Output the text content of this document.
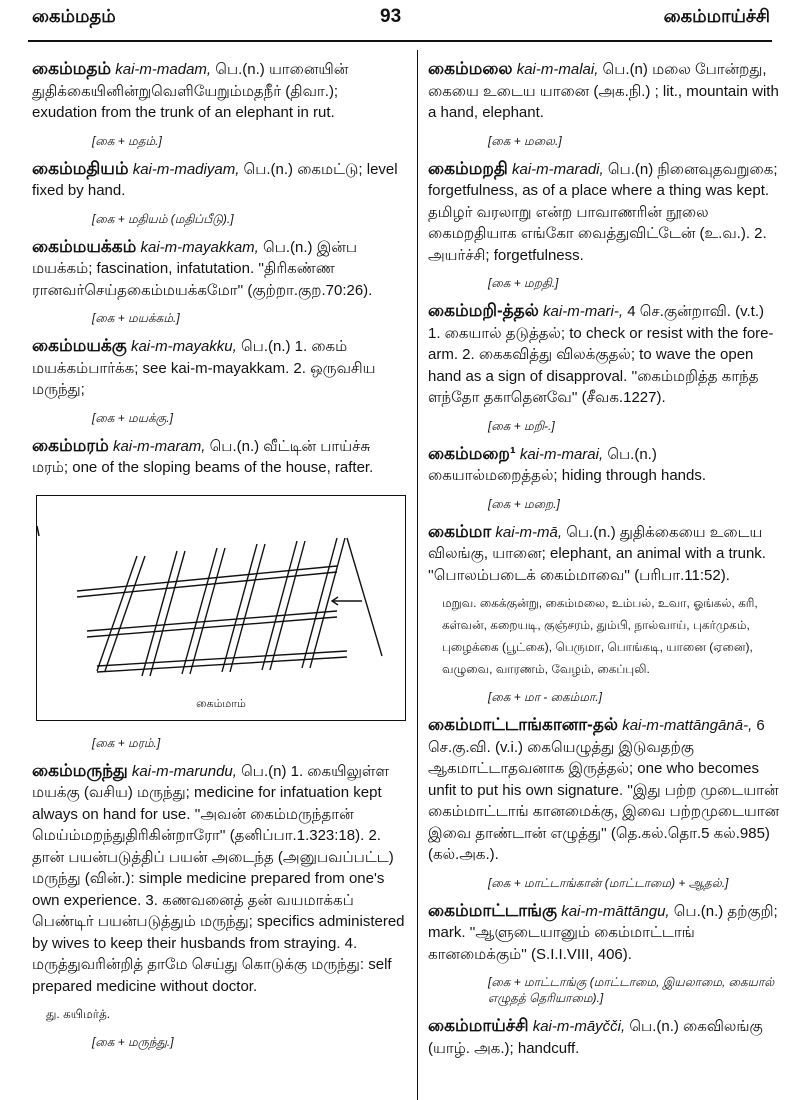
கைம்மதம்	93	கைம்மாய்ச்சி

கைம்மதம் kai-m-madam, பெ.(n.) யானையின் துதிக்கையினின்றுவெளியேறும்மதநீர் (திவா.); exudation from the trunk of an elephant in rut.

[கை + மதம்.]

கைம்மதியம் kai-m-madiyam, பெ.(n.) கைமட்டு; level fixed by hand.

[கை + மதியம் (மதிப்பீடு).]

கைம்மயக்கம் kai-m-mayakkam, பெ.(n.) இன்ப மயக்கம்; fascination, infatutation. ''திரிகண்ண ரானவர்செய்தகைம்மயக்கமோ'' (குற்றா.குற.70:26).

[கை + மயக்கம்.]

கைம்மயக்கு kai-m-mayakku, பெ.(n.) 1. கைம் மயக்கம்பார்க்க; see kai-m-mayakkam. 2. ஒருவசிய மருந்து;

[கை + மயக்கு.]

கைம்மரம் kai-m-maram, பெ.(n.) வீட்டின் பாய்ச்சு மரம்; one of the sloping beams of the house, rafter.

கைம்மாம்
[கை + மரம்.]

கைம்மருந்து kai-m-marundu, பெ.(n) 1. கையிலுள்ள மயக்கு (வசிய) மருந்து; medicine for infatuation kept always on hand for use. ''அவன் கைம்மருந்தான் மெய்ம்மறந்துதிரிகின்றாரோ'' (தனிப்பா.1.323:18). 2. தான் பயன்படுத்திப் பயன் அடைந்த (அனுபவப்பட்ட) மருந்து (வின்.): simple medicine prepared from one's own experience. 3. கணவனைத் தன் வயமாக்கப் பெண்டிர் பயன்படுத்தும் மருந்து; specifics administered by wives to keep their husbands from straying. 4. மருத்துவரின்றித் தாமே செய்து கொடுக்கு மருந்து: self prepared medicine without doctor.

து. கயிமர்த்.
[கை + மருந்து.]

கைம்மலை kai-m-malai, பெ.(n) மலை போன்றது, கையை உடைய யானை (அக.நி.) ; lit., mountain with a hand, elephant.

[கை + மலை.]

கைம்மறதி kai-m-maradi, பெ.(n) நினைவுதவறுகை; forgetfulness, as of a place where a thing was kept. தமிழர் வரலாறு என்ற பாவாணரின் நூலை கைமறதியாக எங்கோ வைத்துவிட்டேன் (உ.வ.). 2. அயர்ச்சி; forgetfulness.

[கை + மறதி.]

கைம்மறி-த்தல் kai-m-mari-, 4 செ.குன்றாவி. (v.t.) 1. கையால் தடுத்தல்; to check or resist with the fore-arm. 2. கைகவித்து விலக்குதல்; to wave the open hand as a sign of disapproval. ''கைம்மறித்த காந்த ளந்தோ தகாதெனவே'' (சீவக.1227).

[கை + மறி-.]

கைம்மறை¹ kai-m-marai, பெ.(n.) கையால்மறைத்தல்; hiding through hands.

[கை + மறை.]

கைம்மா kai-m-mā, பெ.(n.) துதிக்கையை உடைய விலங்கு, யானை; elephant, an animal with a trunk. ''பொலம்படைக் கைம்மாவை'' (பரிபா.11:52).

மறுவ. கைக்குன்று, கைம்மலை, உம்பல், உவா, ஓங்கல், கரி, கள்வன், கறையடி, குஞ்சரம், தும்பி, நால்வாய், புகர்முகம், புழைக்கை (பூட்கை), பெருமா, பொங்கடி, யானை (ஏனை), வழுவை, வாரணம், வேழம், கைப்புலி.
[கை + மா - கைம்மா.]

கைம்மாட்டாங்கானா-தல் kai-m-mattāngānā-, 6 செ.கு.வி. (v.i.) கையெழுத்து இடுவதற்கு ஆகமாட்டாதவனாக இருத்தல்; one who becomes unfit to put his own signature. ''இது பற்ற முடையான் கைம்மாட்டாங் கானமைக்கு, இவை பற்றமுடையான இவை தாண்டான் எழுத்து'' (தெ.கல்.தொ.5 கல்.985) (கல்.அக.).

[கை + மாட்டாங்கான் (மாட்டாமை) + ஆதல்.]

கைம்மாட்டாங்கு kai-m-māttāngu, பெ.(n.) தற்குறி; mark. ''ஆளுடையானும் கைம்மாட்டாங் கானமைக்கும்'' (S.I.I.VIII, 406).

[கை + மாட்டாங்கு (மாட்டாமை, இயலாமை, கையால் எழுதத் தெரியாமை).]

கைம்மாய்ச்சி kai-m-māyčči, பெ.(n.) கைவிலங்கு (யாழ். அக.); handcuff.
